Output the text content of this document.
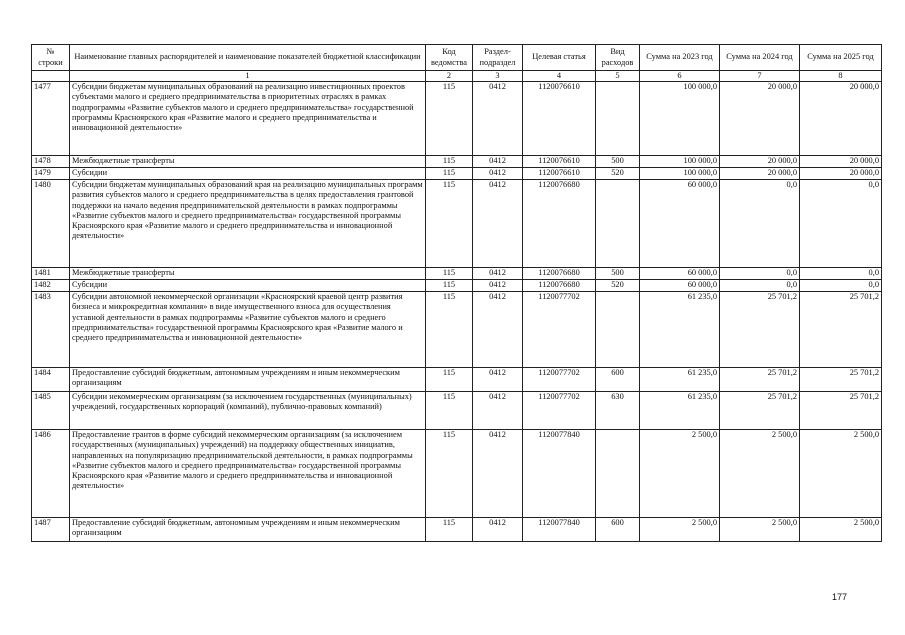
№ строки	Наименование главных распорядителей и наименование показателей бюджетной классификации	Код ведомства	Раздел-подраздел	Целевая статья	Вид расходов	Сумма на 2023 год	Сумма на 2024 год	Сумма на 2025 год
	1	2	3	4	5	6	7	8
1477	Субсидии бюджетам муниципальных образований на реализацию инвестиционных проектов субъектами малого и среднего предпринимательства в приоритетных отраслях в рамках подпрограммы «Развитие субъектов малого и среднего предпринимательства» государственной программы Красноярского края «Развитие малого и среднего предпринимательства и инновационной деятельности»	115	0412	1120076610		100 000,0	20 000,0	20 000,0
1478	Межбюджетные трансферты	115	0412	1120076610	500	100 000,0	20 000,0	20 000,0
1479	Субсидии	115	0412	1120076610	520	100 000,0	20 000,0	20 000,0
1480	Субсидии бюджетам муниципальных образований края на реализацию муниципальных программ развития субъектов малого и среднего предпринимательства в целях предоставления грантовой поддержки на начало ведения предпринимательской деятельности в рамках подпрограммы «Развитие субъектов малого и среднего предпринимательства» государственной программы Красноярского края «Развитие малого и среднего предпринимательства и инновационной деятельности»	115	0412	1120076680		60 000,0	0,0	0,0
1481	Межбюджетные трансферты	115	0412	1120076680	500	60 000,0	0,0	0,0
1482	Субсидии	115	0412	1120076680	520	60 000,0	0,0	0,0
1483	Субсидии автономной некоммерческой организации «Красноярский краевой центр развития бизнеса и микрокредитная компания» в виде имущественного взноса для осуществления уставной деятельности в рамках подпрограммы «Развитие субъектов малого и среднего предпринимательства» государственной программы Красноярского края «Развитие малого и среднего предпринимательства и инновационной деятельности»	115	0412	1120077702		61 235,0	25 701,2	25 701,2
1484	Предоставление субсидий бюджетным, автономным учреждениям и иным некоммерческим организациям	115	0412	1120077702	600	61 235,0	25 701,2	25 701,2
1485	Субсидии некоммерческим организациям (за исключением государственных (муниципальных) учреждений, государственных корпораций (компаний), публично-правовых компаний)	115	0412	1120077702	630	61 235,0	25 701,2	25 701,2
1486	Предоставление грантов в форме субсидий некоммерческим организациям (за исключением государственных (муниципальных) учреждений) на поддержку общественных инициатив, направленных на популяризацию предпринимательской деятельности, в рамках подпрограммы «Развитие субъектов малого и среднего предпринимательства» государственной программы Красноярского края «Развитие малого и среднего предпринимательства и инновационной деятельности»	115	0412	1120077840		2 500,0	2 500,0	2 500,0
1487	Предоставление субсидий бюджетным, автономным учреждениям и иным некоммерческим организациям	115	0412	1120077840	600	2 500,0	2 500,0	2 500,0
177
